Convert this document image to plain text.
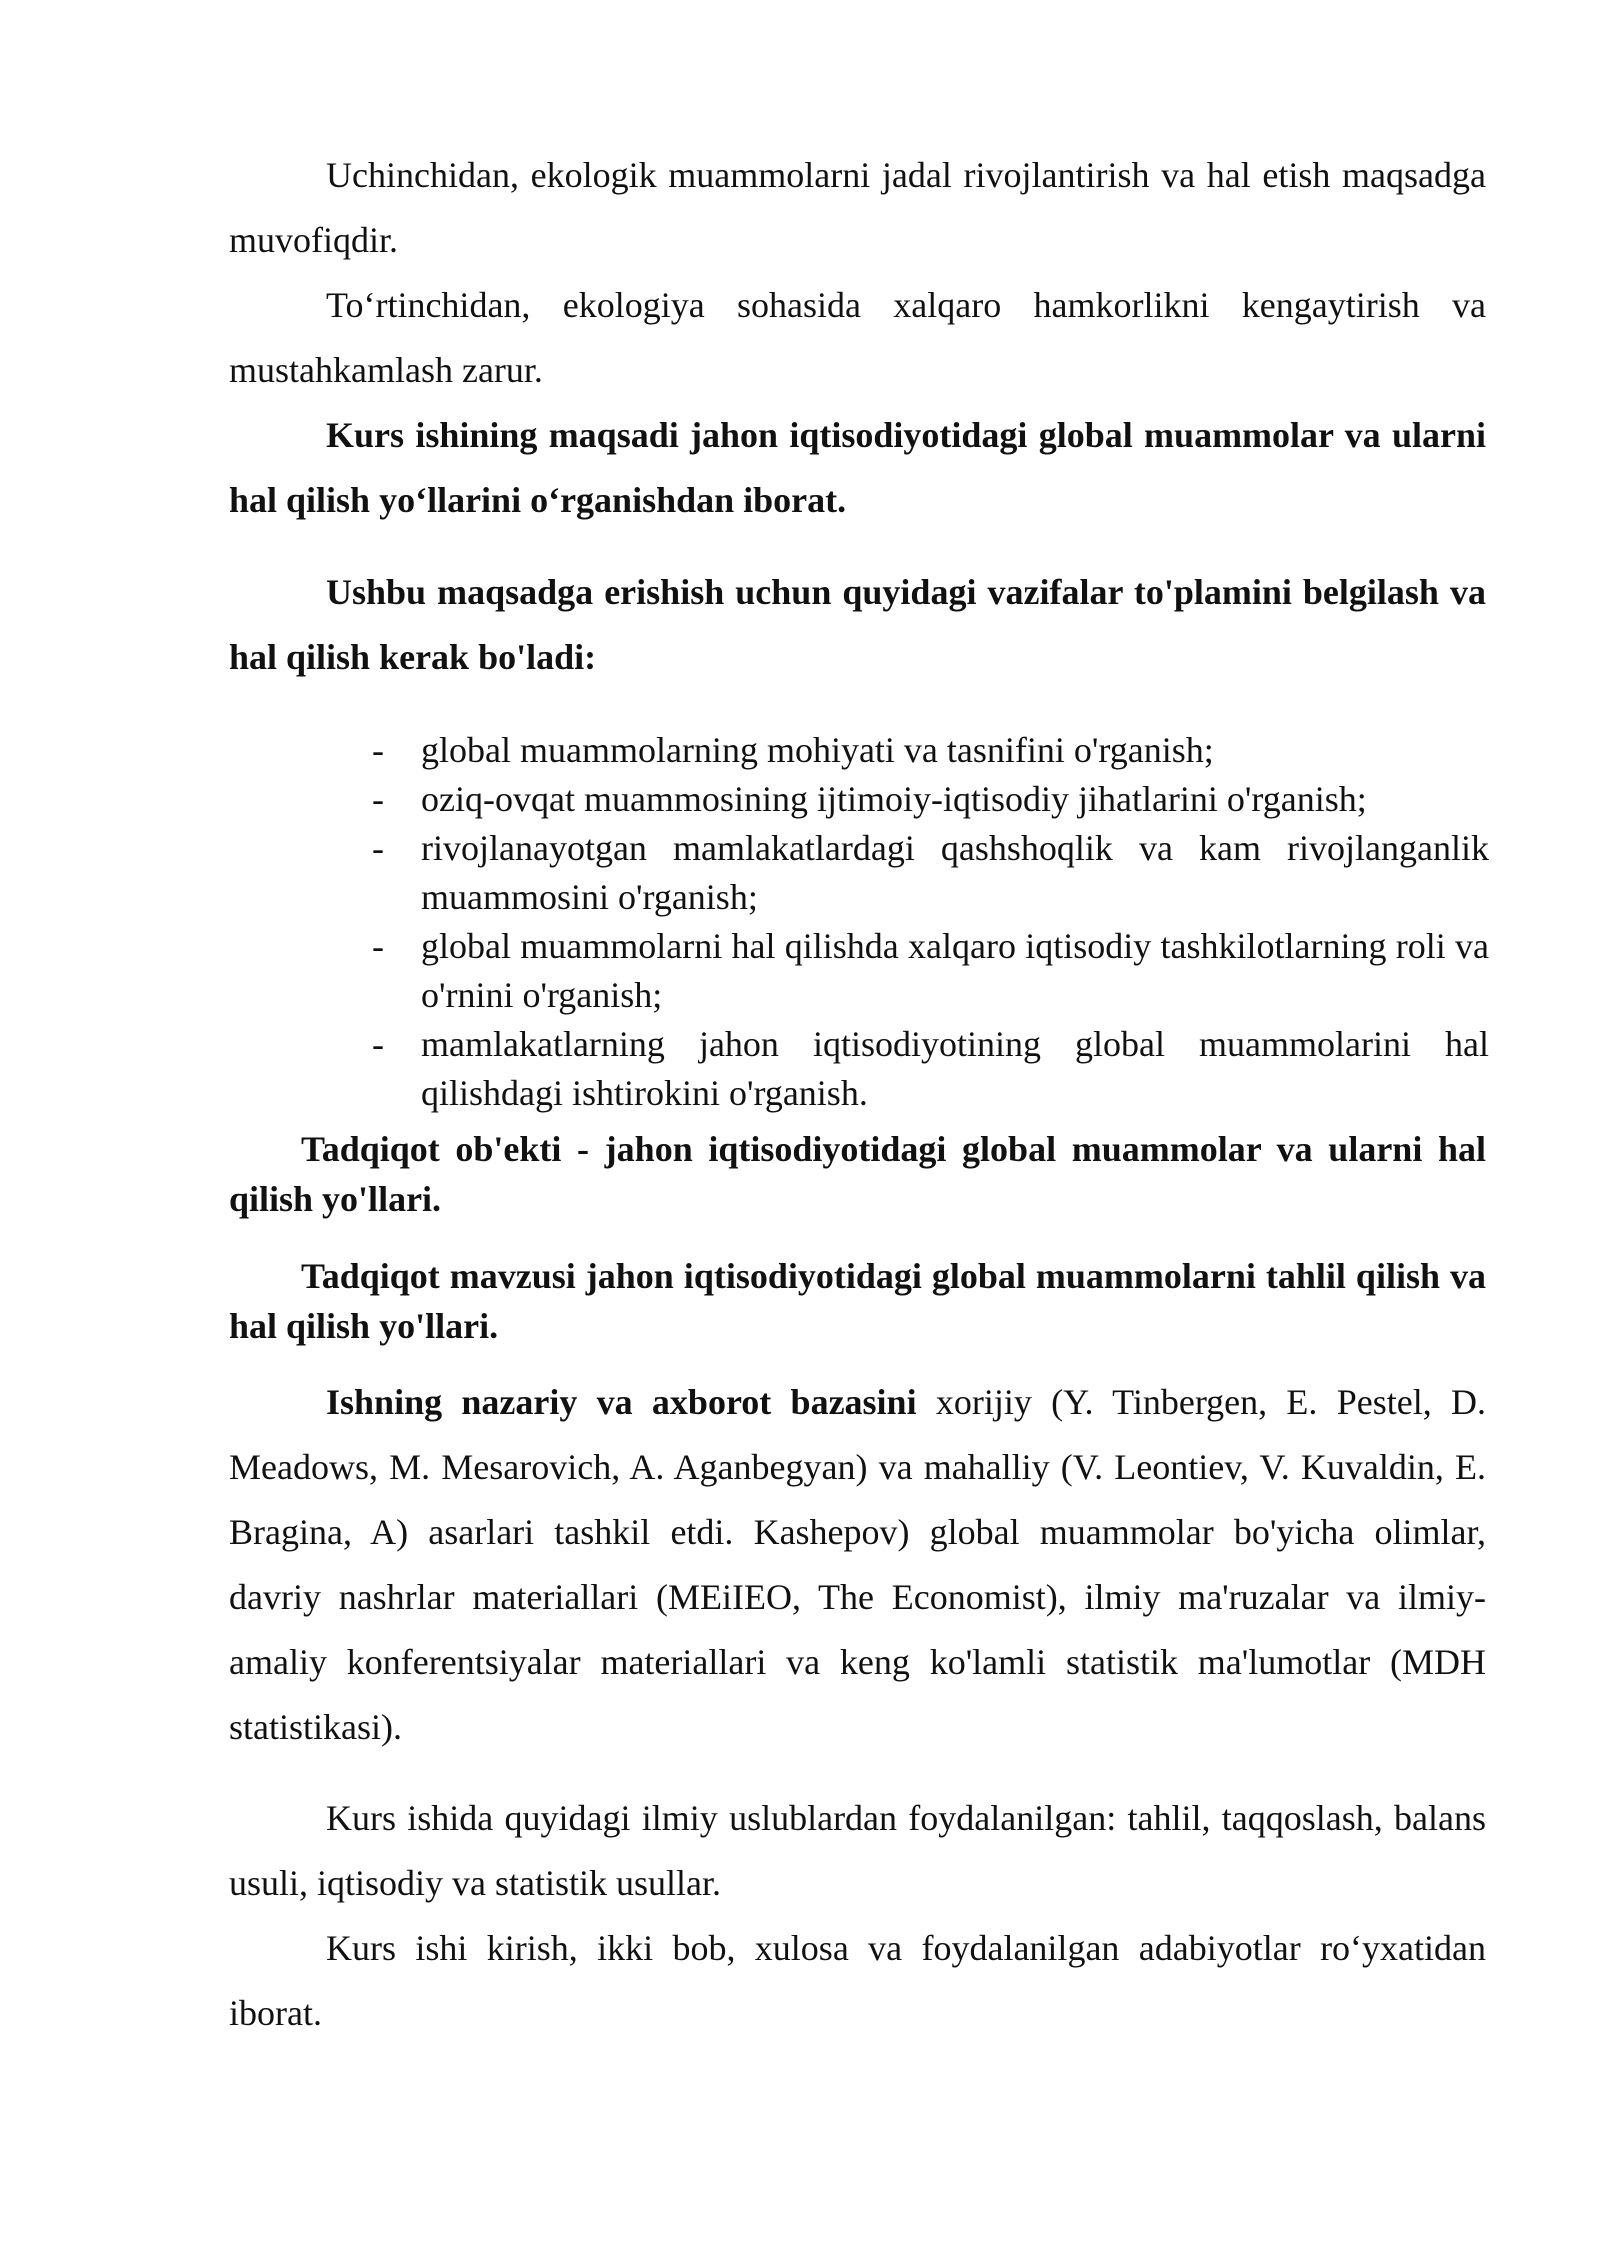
Uchinchidan, ekologik muammolarni jadal rivojlantirish va hal etish maqsadga muvofiqdir.

To‘rtinchidan, ekologiya sohasida xalqaro hamkorlikni kengaytirish va mustahkamlash zarur.

Kurs ishining maqsadi jahon iqtisodiyotidagi global muammolar va ularni hal qilish yo‘llarini o‘rganishdan iborat.

Ushbu maqsadga erishish uchun quyidagi vazifalar to'plamini belgilash va hal qilish kerak bo'ladi:

- global muammolarning mohiyati va tasnifini o'rganish;
- oziq-ovqat muammosining ijtimoiy-iqtisodiy jihatlarini o'rganish;
- rivojlanayotgan mamlakatlardagi qashshoqlik va kam rivojlanganlik muammosini o'rganish;
- global muammolarni hal qilishda xalqaro iqtisodiy tashkilotlarning roli va o'rnini o'rganish;
- mamlakatlarning jahon iqtisodiyotining global muammolarini hal qilishdagi ishtirokini o'rganish.

Tadqiqot ob'ekti - jahon iqtisodiyotidagi global muammolar va ularni hal qilish yo'llari.

Tadqiqot mavzusi jahon iqtisodiyotidagi global muammolarni tahlil qilish va hal qilish yo'llari.

Ishning nazariy va axborot bazasini xorijiy (Y. Tinbergen, E. Pestel, D. Meadows, M. Mesarovich, A. Aganbegyan) va mahalliy (V. Leontiev, V. Kuvaldin, E. Bragina, A) asarlari tashkil etdi. Kashepov) global muammolar bo'yicha olimlar, davriy nashrlar materiallari (MEiIEO, The Economist), ilmiy ma'ruzalar va ilmiy-amaliy konferentsiyalar materiallari va keng ko'lamli statistik ma'lumotlar (MDH statistikasi).

Kurs ishida quyidagi ilmiy uslublardan foydalanilgan: tahlil, taqqoslash, balans usuli, iqtisodiy va statistik usullar.

Kurs ishi kirish, ikki bob, xulosa va foydalanilgan adabiyotlar ro‘yxatidan iborat.
